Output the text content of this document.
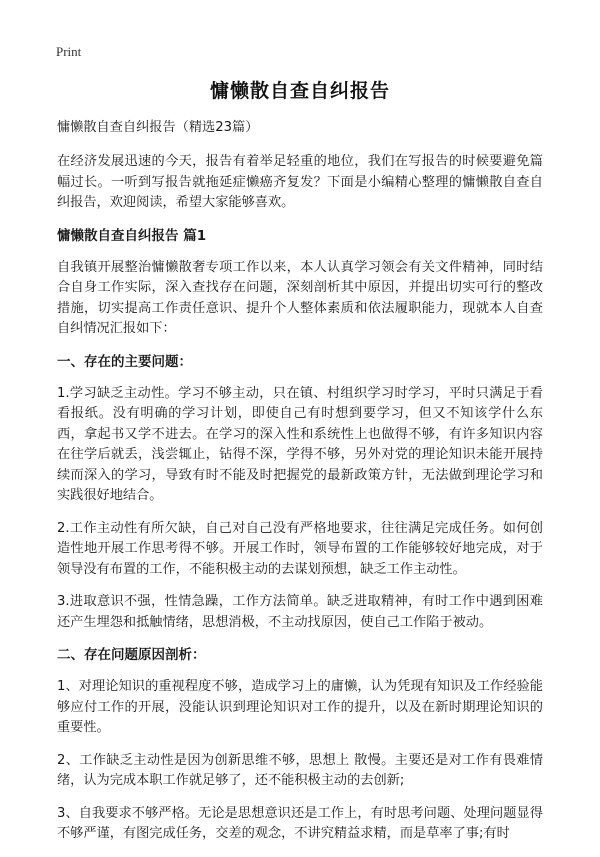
Print
慵懒散自查自纠报告
慵懒散自查自纠报告（精选23篇）

在经济发展迅速的今天，报告有着举足轻重的地位，我们在写报告的时候要避免篇幅过长。一听到写报告就拖延症懒癌齐复发？下面是小编精心整理的慵懒散自查自纠报告，欢迎阅读，希望大家能够喜欢。

慵懒散自查自纠报告 篇1

自我镇开展整治慵懒散奢专项工作以来，本人认真学习领会有关文件精神，同时结合自身工作实际，深入查找存在问题，深刻剖析其中原因，并提出切实可行的整改措施，切实提高工作责任意识、提升个人整体素质和依法履职能力，现就本人自查自纠情况汇报如下：

一、存在的主要问题：

1.学习缺乏主动性。学习不够主动，只在镇、村组织学习时学习，平时只满足于看看报纸。没有明确的学习计划，即使自己有时想到要学习，但又不知该学什么东西，拿起书又学不进去。在学习的深入性和系统性上也做得不够，有许多知识内容在往学后就丢，浅尝辄止，钻得不深，学得不够，另外对党的理论知识未能开展持续而深入的学习，导致有时不能及时把握党的最新政策方针，无法做到理论学习和实践很好地结合。

2.工作主动性有所欠缺，自己对自己没有严格地要求，往往满足完成任务。如何创造性地开展工作思考得不够。开展工作时，领导布置的工作能够较好地完成，对于领导没有布置的工作，不能积极主动的去谋划预想，缺乏工作主动性。

3.进取意识不强，性情急躁，工作方法简单。缺乏进取精神，有时工作中遇到困难还产生埋怨和抵触情绪，思想消极，不主动找原因，使自己工作陷于被动。

二、存在问题原因剖析：

1、对理论知识的重视程度不够，造成学习上的庸懒，认为凭现有知识及工作经验能够应付工作的开展，没能认识到理论知识对工作的提升，以及在新时期理论知识的重要性。

2、工作缺乏主动性是因为创新思维不够，思想上 散慢。主要还是对工作有畏难情绪，认为完成本职工作就足够了，还不能积极主动的去创新;

3、自我要求不够严格。无论是思想意识还是工作上，有时思考问题、处理问题显得不够严谨，有图完成任务，交差的观念，不讲究精益求精，而是草率了事;有时
